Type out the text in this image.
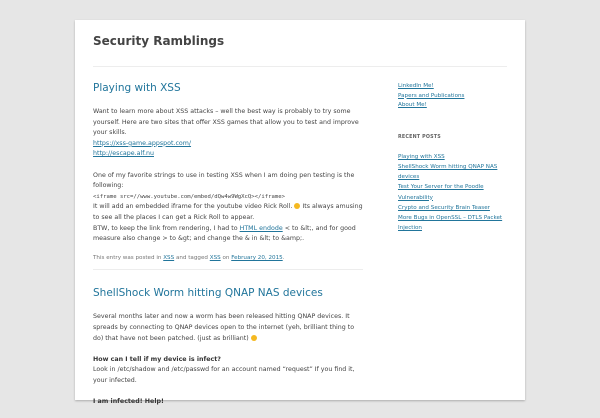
Security Ramblings
Playing with XSS

Want to learn more about XSS attacks – well the best way is probably to try some yourself. Here are two sites that offer XSS games that allow you to test and improve your skills.
https://xss-game.appspot.com/
http://escape.alf.nu

One of my favorite strings to use in testing XSS when I am doing pen testing is the following:
<iframe src=//www.youtube.com/embed/dQw4w9WgXcQ></iframe>
It will add an embedded iframe for the youtube video Rick Roll. Its always amusing to see all the places I can get a Rick Roll to appear.
BTW, to keep the link from rendering, I had to HTML endode < to &lt;, and for good measure also change > to &gt; and change the & in &lt; to &amp;.

This entry was posted in XSS and tagged XSS on February 20, 2015.
ShellShock Worm hitting QNAP NAS devices

Several months later and now a worm has been released hitting QNAP devices. It spreads by connecting to QNAP devices open to the internet (yeh, brilliant thing to do) that have not been patched. (just as brilliant)

How can I tell if my device is infect?
Look in /etc/shadow and /etc/passwd for an account named “request” If you find it, your infected.

I am infected! Help!

LinkedIn Me!
Papers and Publications
About Me!
RECENT POSTS
Playing with XSS
ShellShock Worm hitting QNAP NAS devices
Test Your Server for the Poodle Vulnerability
Crypto and Security Brain Teaser
More Bugs in OpenSSL – DTLS Packet Injection
